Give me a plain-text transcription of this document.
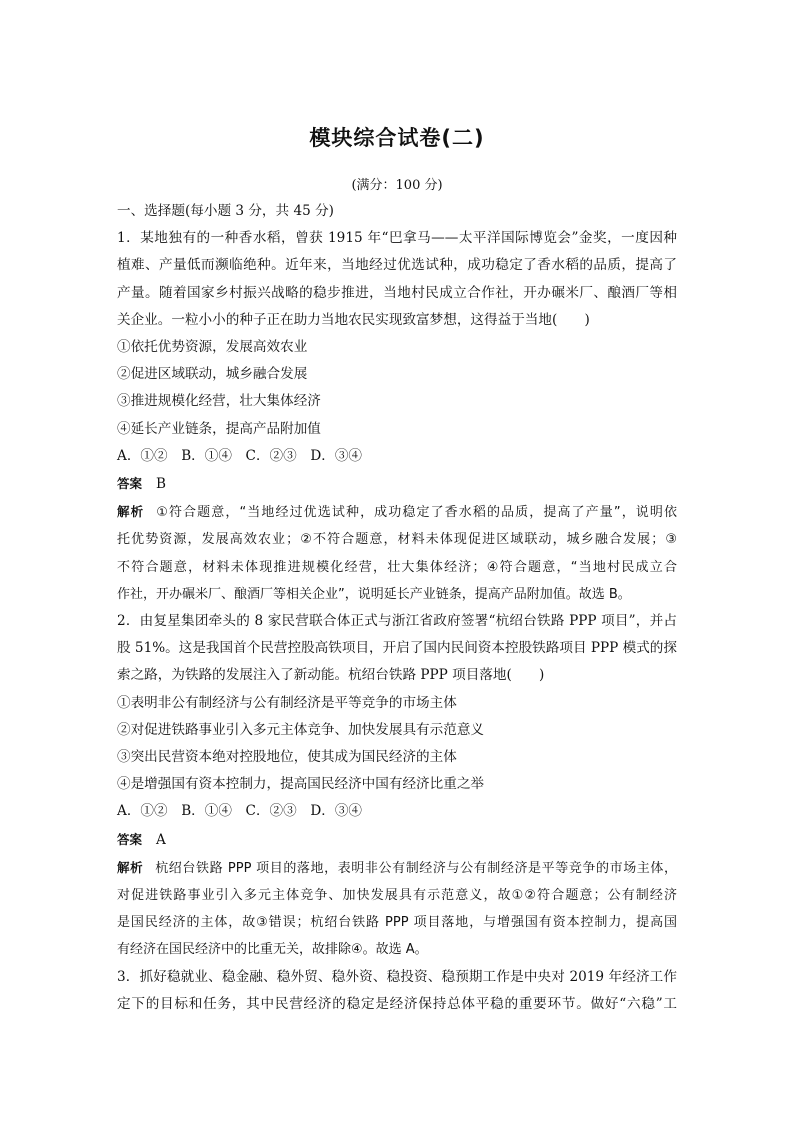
模块综合试卷(二)
(满分：100 分)
一、选择题(每小题 3 分，共 45 分)
1．某地独有的一种香水稻，曾获 1915 年“巴拿马——太平洋国际博览会”金奖，一度因种
植难、产量低而濒临绝种。近年来，当地经过优选试种，成功稳定了香水稻的品质，提高了
产量。随着国家乡村振兴战略的稳步推进，当地村民成立合作社，开办碾米厂、酿酒厂等相
关企业。一粒小小的种子正在助力当地农民实现致富梦想，这得益于当地(　　)
①依托优势资源，发展高效农业
②促进区域联动，城乡融合发展
③推进规模化经营，壮大集体经济
④延长产业链条，提高产品附加值
A．①②　B．①④　C．②③　D．③④
答案 B
解析 ①符合题意，“当地经过优选试种，成功稳定了香水稻的品质，提高了产量”，说明依
托优势资源，发展高效农业；②不符合题意，材料未体现促进区域联动，城乡融合发展；③
不符合题意，材料未体现推进规模化经营，壮大集体经济；④符合题意，“当地村民成立合
作社，开办碾米厂、酿酒厂等相关企业”，说明延长产业链条，提高产品附加值。故选 B。
2．由复星集团牵头的 8 家民营联合体正式与浙江省政府签署“杭绍台铁路 PPP 项目”，并占
股 51%。这是我国首个民营控股高铁项目，开启了国内民间资本控股铁路项目 PPP 模式的探
索之路，为铁路的发展注入了新动能。杭绍台铁路 PPP 项目落地(　　)
①表明非公有制经济与公有制经济是平等竞争的市场主体
②对促进铁路事业引入多元主体竞争、加快发展具有示范意义
③突出民营资本绝对控股地位，使其成为国民经济的主体
④是增强国有资本控制力，提高国民经济中国有经济比重之举
A．①②　B．①④　C．②③　D．③④
答案 A
解析 杭绍台铁路 PPP 项目的落地，表明非公有制经济与公有制经济是平等竞争的市场主体，
对促进铁路事业引入多元主体竞争、加快发展具有示范意义，故①②符合题意；公有制经济
是国民经济的主体，故③错误；杭绍台铁路 PPP 项目落地，与增强国有资本控制力，提高国
有经济在国民经济中的比重无关，故排除④。故选 A。
3．抓好稳就业、稳金融、稳外贸、稳外资、稳投资、稳预期工作是中央对 2019 年经济工作
定下的目标和任务，其中民营经济的稳定是经济保持总体平稳的重要环节。做好“六稳”工
